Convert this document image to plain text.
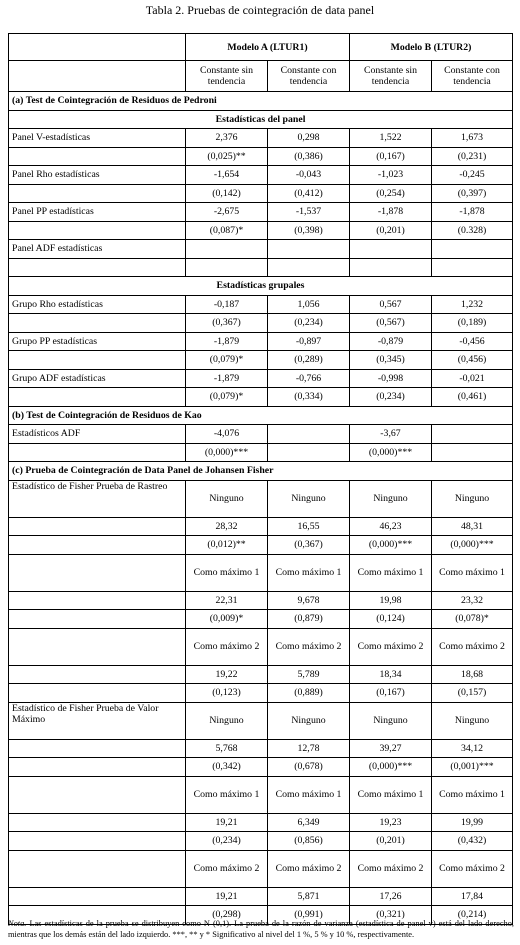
Tabla 2. Pruebas de cointegración de data panel
	Modelo A (LTUR1)		Modelo B (LTUR2)	
	Constante sin tendencia	Constante con tendencia	Constante sin tendencia	Constante con tendencia
(a) Test de Cointegración de Residuos de Pedroni				
Estadísticas del panel				
Panel V-estadísticas	2,376	0,298	1,522	1,673
	(0,025)**	(0,386)	(0,167)	(0,231)
Panel Rho estadísticas	-1,654	-0,043	-1,023	-0,245
	(0,142)	(0,412)	(0,254)	(0,397)
Panel PP estadísticas	-2,675	-1,537	-1,878	-1,878
	(0,087)*	(0,398)	(0,201)	(0.328)
Panel ADF estadísticas				

Estadísticas grupales				
Grupo Rho estadísticas	-0,187	1,056	0,567	1,232
	(0,367)	(0,234)	(0,567)	(0,189)
Grupo PP estadísticas	-1,879	-0,897	-0,879	-0,456
	(0,079)*	(0,289)	(0,345)	(0,456)
Grupo ADF estadísticas	-1,879	-0,766	-0,998	-0,021
	(0,079)*	(0,334)	(0,234)	(0,461)
(b) Test de Cointegración de Residuos de Kao				
Estadísticos ADF	-4,076		-3,67	
	(0,000)***		(0,000)***	
(c) Prueba de Cointegración de Data Panel de Johansen Fisher				
Estadístico de Fisher Prueba de Rastreo	Ninguno	Ninguno	Ninguno	Ninguno
	28,32	16,55	46,23	48,31
	(0,012)**	(0,367)	(0,000)***	(0,000)***
	Como máximo 1	Como máximo 1	Como máximo 1	Como máximo 1
	22,31	9,678	19,98	23,32
	(0,009)*	(0,879)	(0,124)	(0,078)*
	Como máximo 2	Como máximo 2	Como máximo 2	Como máximo 2
	19,22	5,789	18,34	18,68
	(0,123)	(0,889)	(0,167)	(0,157)
Estadístico de Fisher Prueba de Valor Máximo	Ninguno	Ninguno	Ninguno	Ninguno
	5,768	12,78	39,27	34,12
	(0,342)	(0,678)	(0,000)***	(0,001)***
	Como máximo 1	Como máximo 1	Como máximo 1	Como máximo 1
	19,21	6,349	19,23	19,99
	(0,234)	(0,856)	(0,201)	(0,432)
	Como máximo 2	Como máximo 2	Como máximo 2	Como máximo 2
	19,21	5,871	17,26	17,84
	(0,298)	(0,991)	(0,321)	(0,214)
Nota. Las estadísticas de la prueba se distribuyen como N (0,1). La prueba de la razón de varianza (estadística de panel v) está del lado derecho, mientras que los demás están del lado izquierdo. ***, ** y * Significativo al nivel del 1 %, 5 % y 10 %, respectivamente.
